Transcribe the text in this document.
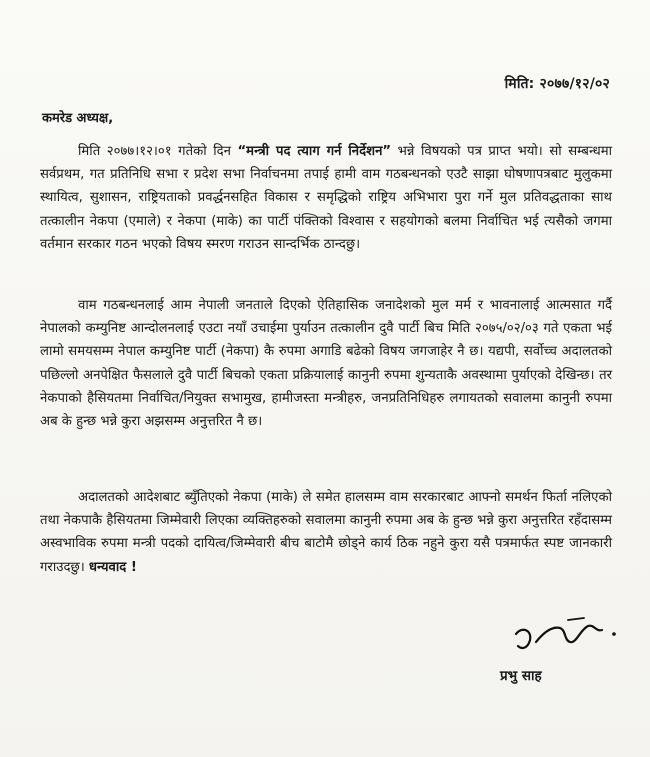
मिति: २०७७/१२/०२
कमरेड अध्यक्ष,
मिति २०७७।१२।०१ गतेको दिन “मन्त्री पद त्याग गर्न निर्देशन” भन्ने विषयको पत्र प्राप्त भयो। सो सम्बन्धमा सर्वप्रथम, गत प्रतिनिधि सभा र प्रदेश सभा निर्वाचनमा तपाई हामी वाम गठबन्धनको एउटै साझा घोषणापत्रबाट मुलुकमा स्थायित्व, सुशासन, राष्ट्रियताको प्रवर्द्धनसहित विकास र समृद्धिको राष्ट्रिय अभिभारा पुरा गर्ने मुल प्रतिवद्धताका साथ तत्कालीन नेकपा (एमाले) र नेकपा (माके) का पार्टी पंक्तिको विश्वास र सहयोगको बलमा निर्वाचित भई त्यसैको जगमा वर्तमान सरकार गठन भएको विषय स्मरण गराउन सान्दर्भिक ठान्दछु।
वाम गठबन्धनलाई आम नेपाली जनताले दिएको ऐतिहासिक जनादेशको मुल मर्म र भावनालाई आत्मसात गर्दै नेपालको कम्युनिष्ट आन्दोलनलाई एउटा नयाँ उचाईमा पुर्याउन तत्कालीन दुवै पार्टी बिच मिति २०७५/०२/०३ गते एकता भई लामो समयसम्म नेपाल कम्युनिष्ट पार्टी (नेकपा) कै रुपमा अगाडि बढेको विषय जगजाहेर नै छ। यद्यपी, सर्वोच्च अदालतको पछिल्लो अनपेक्षित फैसलाले दुवै पार्टी बिचको एकता प्रक्रियालाई कानुनी रुपमा शुन्यताकै अवस्थामा पुर्याएको देखिन्छ। तर नेकपाको हैसियतमा निर्वाचित/नियुक्त सभामुख, हामीजस्ता मन्त्रीहरु, जनप्रतिनिधिहरु लगायतको सवालमा कानुनी रुपमा अब के हुन्छ भन्ने कुरा अझसम्म अनुत्तरित नै छ।
अदालतको आदेशबाट ब्युँतिएको नेकपा (माके) ले समेत हालसम्म वाम सरकारबाट आफ्नो समर्थन फिर्ता नलिएको तथा नेकपाकै हैसियतमा जिम्मेवारी लिएका व्यक्तिहरुको सवालमा कानुनी रुपमा अब के हुन्छ भन्ने कुरा अनुत्तरित रहँदासम्म अस्वभाविक रुपमा मन्त्री पदको दायित्व/जिम्मेवारी बीच बाटोमै छोड्ने कार्य ठिक नहुने कुरा यसै पत्रमार्फत स्पष्ट जानकारी गराउदछु। धन्यवाद !
प्रभु साह
